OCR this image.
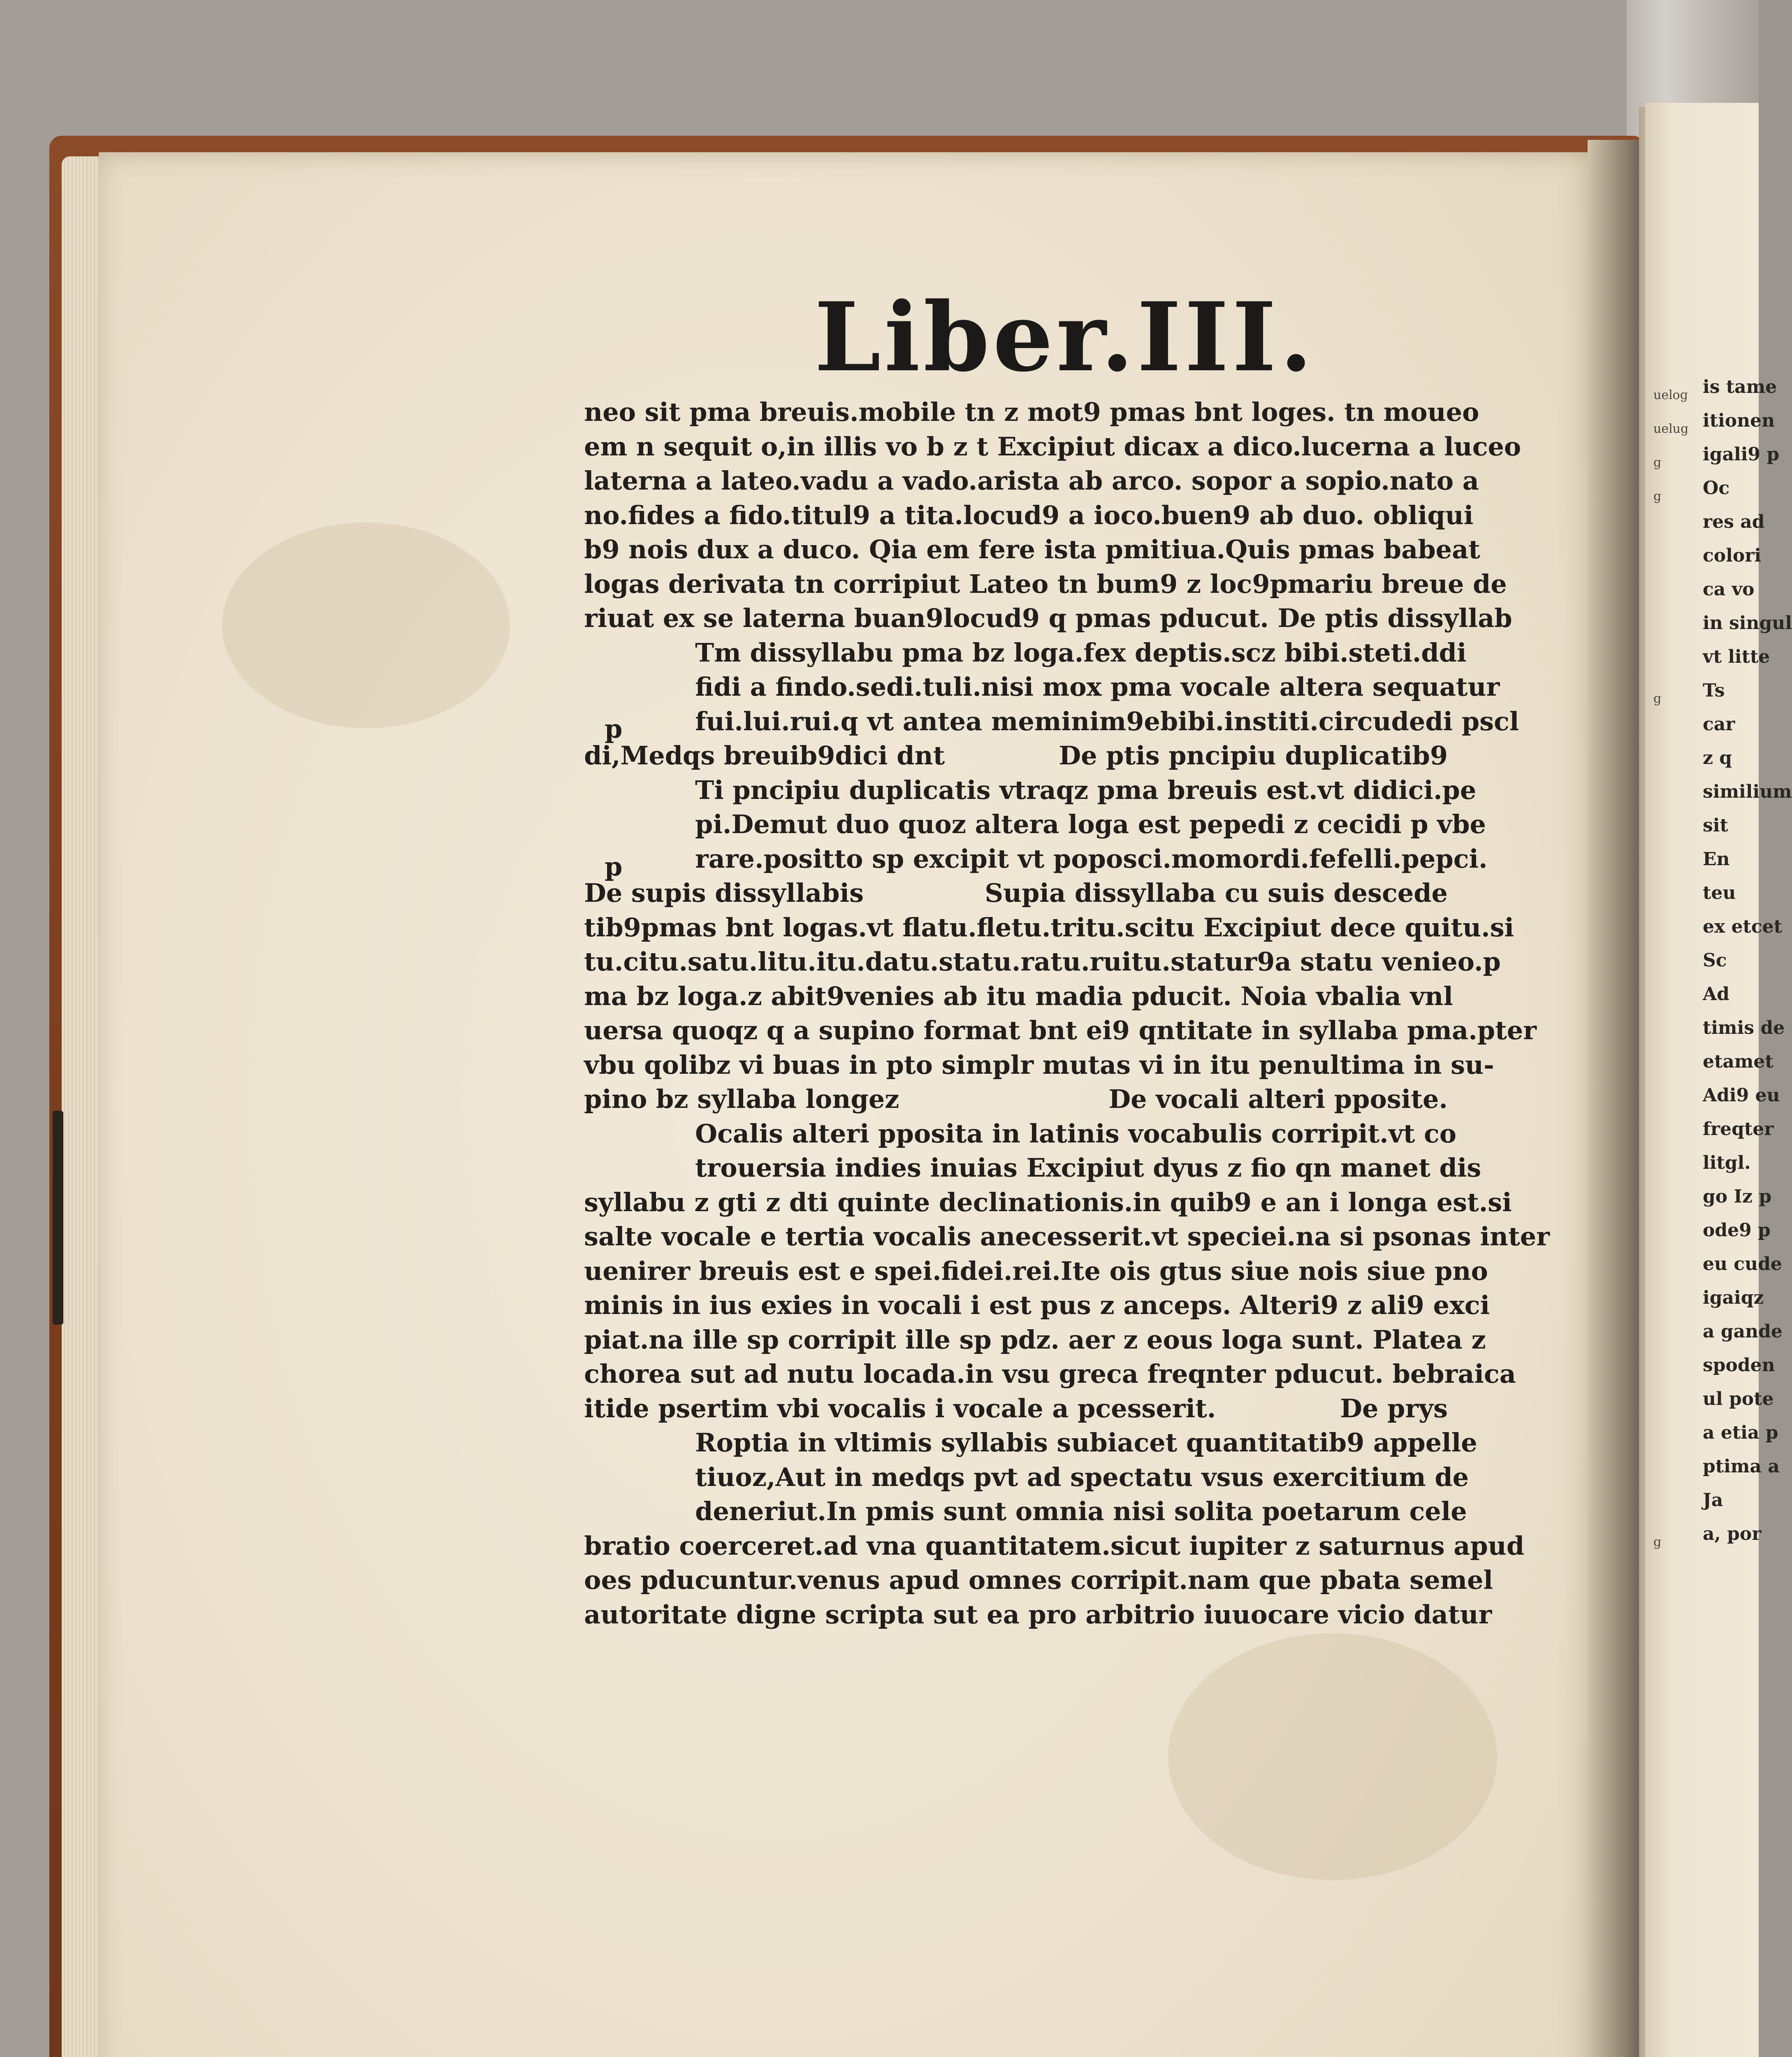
Liber.III.
neo sit pma breuis.mobile tn z mot9 pmas bnt loges. tn moueo
em n sequit o,in illis vo b z t Excipiut dicax a dico.lucerna a luceo
laterna a lateo.vadu a vado.arista ab arco. sopor a sopio.nato a
no.fides a fido.titul9 a tita.locud9 a ioco.buen9 ab duo. obliqui
b9 nois dux a duco. Qia em fere ista pmitiua.Quis pmas babeat
logas derivata tn corripiut Lateo tn bum9 z loc9pmariu breue de
riuat ex se laterna buan9locud9 q pmas pducut. De ptis dissyllab
Tm dissyllabu pma bz loga.fex deptis.scz bibi.steti.ddi
fidi a findo.sedi.tuli.nisi mox pma vocale altera sequatur
fui.lui.rui.q vt antea meminim9ebibi.institi.circudedi pscl
di,Medqs breuib9dici dnt	De ptis pncipiu duplicatib9
Ti pncipiu duplicatis vtraqz pma breuis est.vt didici.pe
pi.Demut duo quoz altera loga est pepedi z cecidi p vbe
rare.positto sp excipit vt poposci.momordi.fefelli.pepci.
De supis dissyllabis	Supia dissyllaba cu suis descede
tib9pmas bnt logas.vt flatu.fletu.tritu.scitu Excipiut dece quitu.si
tu.citu.satu.litu.itu.datu.statu.ratu.ruitu.statur9a statu venieo.p
ma bz loga.z abit9venies ab itu madia pducit. Noia vbalia vnl
uersa quoqz q a supino format bnt ei9 qntitate in syllaba pma.pter
vbu qolibz vi buas in pto simplr mutas vi in itu penultima in su-
pino bz syllaba longez	De vocali alteri pposite.
Ocalis alteri pposita in latinis vocabulis corripit.vt co
trouersia indies inuias Excipiut dyus z fio qn manet dis
syllabu z gti z dti quinte declinationis.in quib9 e an i longa est.si
salte vocale e tertia vocalis anecesserit.vt speciei.na si psonas inter
uenirer breuis est e spei.fidei.rei.Ite ois gtus siue nois siue pno
minis in ius exies in vocali i est pus z anceps. Alteri9 z ali9 exci
piat.na ille sp corripit ille sp pdz. aer z eous loga sunt. Platea z
chorea sut ad nutu locada.in vsu greca freqnter pducut. bebraica
itide psertim vbi vocalis i vocale a pcesserit.	De prys
Roptia in vltimis syllabis subiacet quantitatib9 appelle
tiuoz,Aut in medqs pvt ad spectatu vsus exercitium de
deneriut.In pmis sunt omnia nisi solita poetarum cele
bratio coerceret.ad vna quantitatem.sicut iupiter z saturnus apud
oes pducuntur.venus apud omnes corripit.nam que pbata semel
autoritate digne scripta sut ea pro arbitrio iuuocare vicio datur
p
p
uelog
uelug
g
g
g
g
is tame
itionen
igali9 p
Oc
res ad
colori
ca vo
in singul
vt litte
Ts
car
z q
similium
sit
En
teu
ex etcet
Sc
Ad
timis de
etamet
Adi9 eu
freqter
litgl.
go Iz p
ode9 p
eu cude
igaiqz
a gande
spoden
ul pote
a etia p
ptima a
Ja
a, por
